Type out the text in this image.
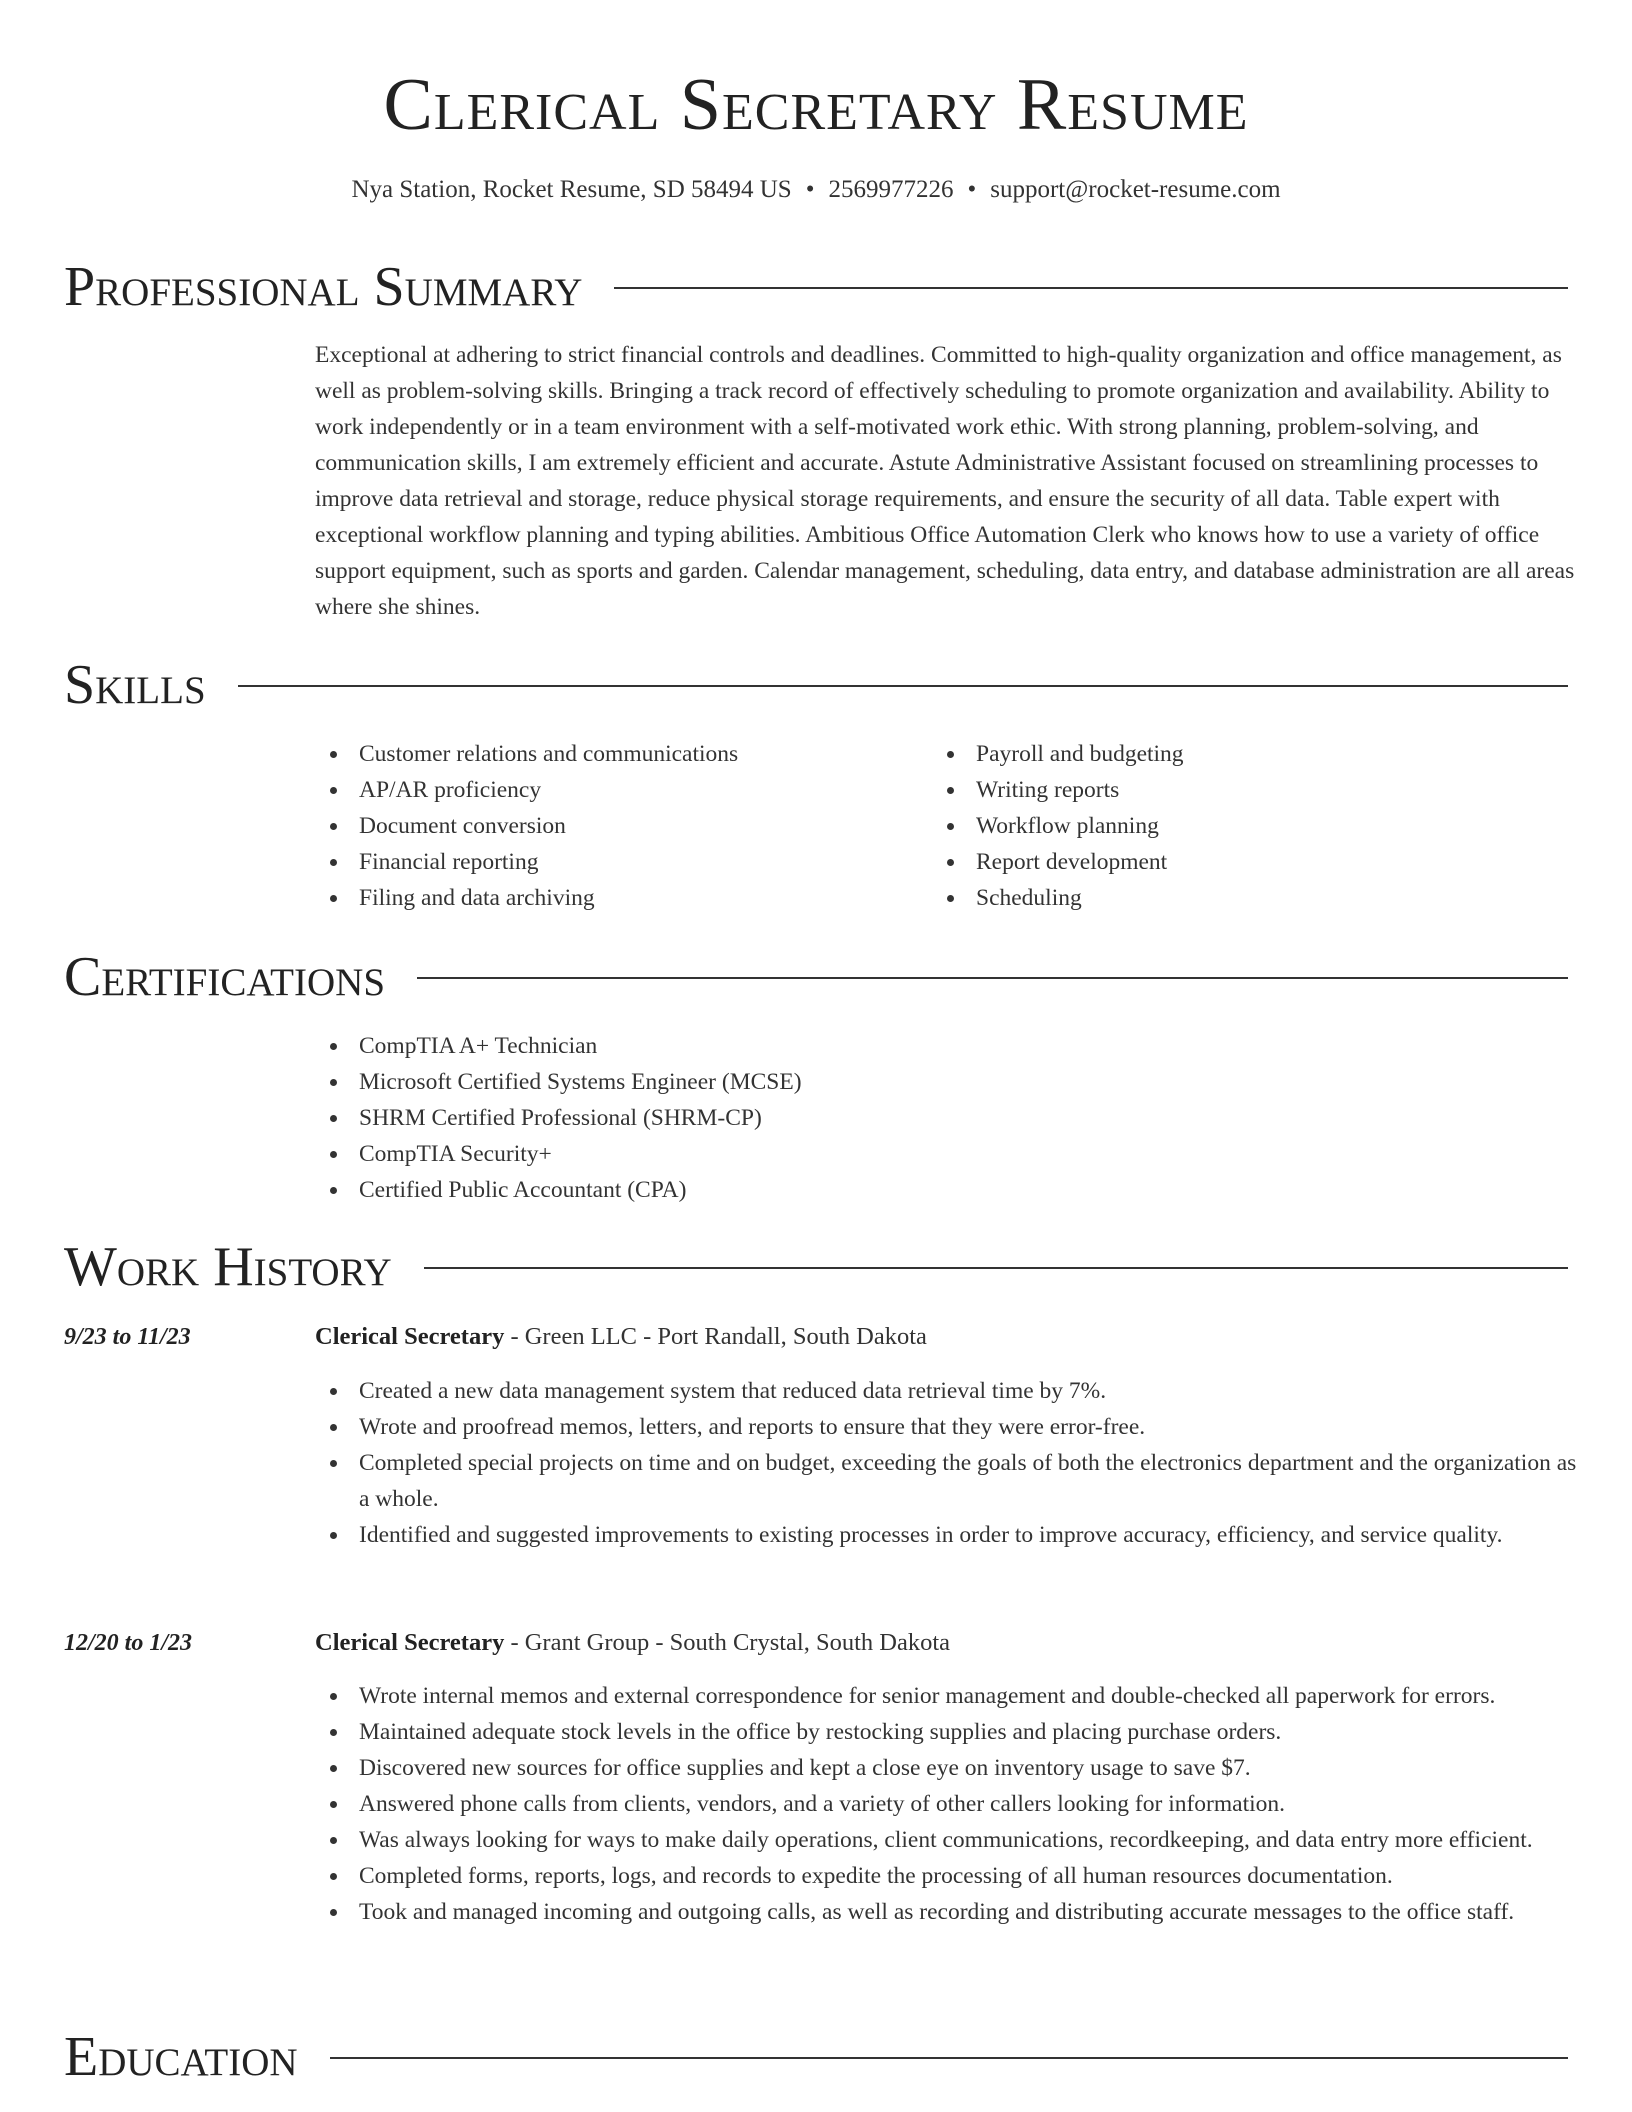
Clerical Secretary Resume
Nya Station, Rocket Resume, SD 58494 US • 2569977226 • support@rocket-resume.com
Professional Summary

Exceptional at adhering to strict financial controls and deadlines. Committed to high-quality organization and office management, as well as problem-solving skills. Bringing a track record of effectively scheduling to promote organization and availability. Ability to work independently or in a team environment with a self-motivated work ethic. With strong planning, problem-solving, and communication skills, I am extremely efficient and accurate. Astute Administrative Assistant focused on streamlining processes to improve data retrieval and storage, reduce physical storage requirements, and ensure the security of all data. Table expert with exceptional workflow planning and typing abilities. Ambitious Office Automation Clerk who knows how to use a variety of office support equipment, such as sports and garden. Calendar management, scheduling, data entry, and database administration are all areas where she shines.

Skills
Customer relations and communications
AP/AR proficiency
Document conversion
Financial reporting
Filing and data archiving
Payroll and budgeting
Writing reports
Workflow planning
Report development
Scheduling
Certifications
CompTIA A+ Technician
Microsoft Certified Systems Engineer (MCSE)
SHRM Certified Professional (SHRM-CP)
CompTIA Security+
Certified Public Accountant (CPA)
Work History
9/23 to 11/23	Clerical Secretary - Green LLC - Port Randall, South Dakota
Created a new data management system that reduced data retrieval time by 7%.
Wrote and proofread memos, letters, and reports to ensure that they were error-free.
Completed special projects on time and on budget, exceeding the goals of both the electronics department and the organization as a whole.
Identified and suggested improvements to existing processes in order to improve accuracy, efficiency, and service quality.
12/20 to 1/23	Clerical Secretary - Grant Group - South Crystal, South Dakota
Wrote internal memos and external correspondence for senior management and double-checked all paperwork for errors.
Maintained adequate stock levels in the office by restocking supplies and placing purchase orders.
Discovered new sources for office supplies and kept a close eye on inventory usage to save $7.
Answered phone calls from clients, vendors, and a variety of other callers looking for information.
Was always looking for ways to make daily operations, client communications, recordkeeping, and data entry more efficient.
Completed forms, reports, logs, and records to expedite the processing of all human resources documentation.
Took and managed incoming and outgoing calls, as well as recording and distributing accurate messages to the office staff.
Education
